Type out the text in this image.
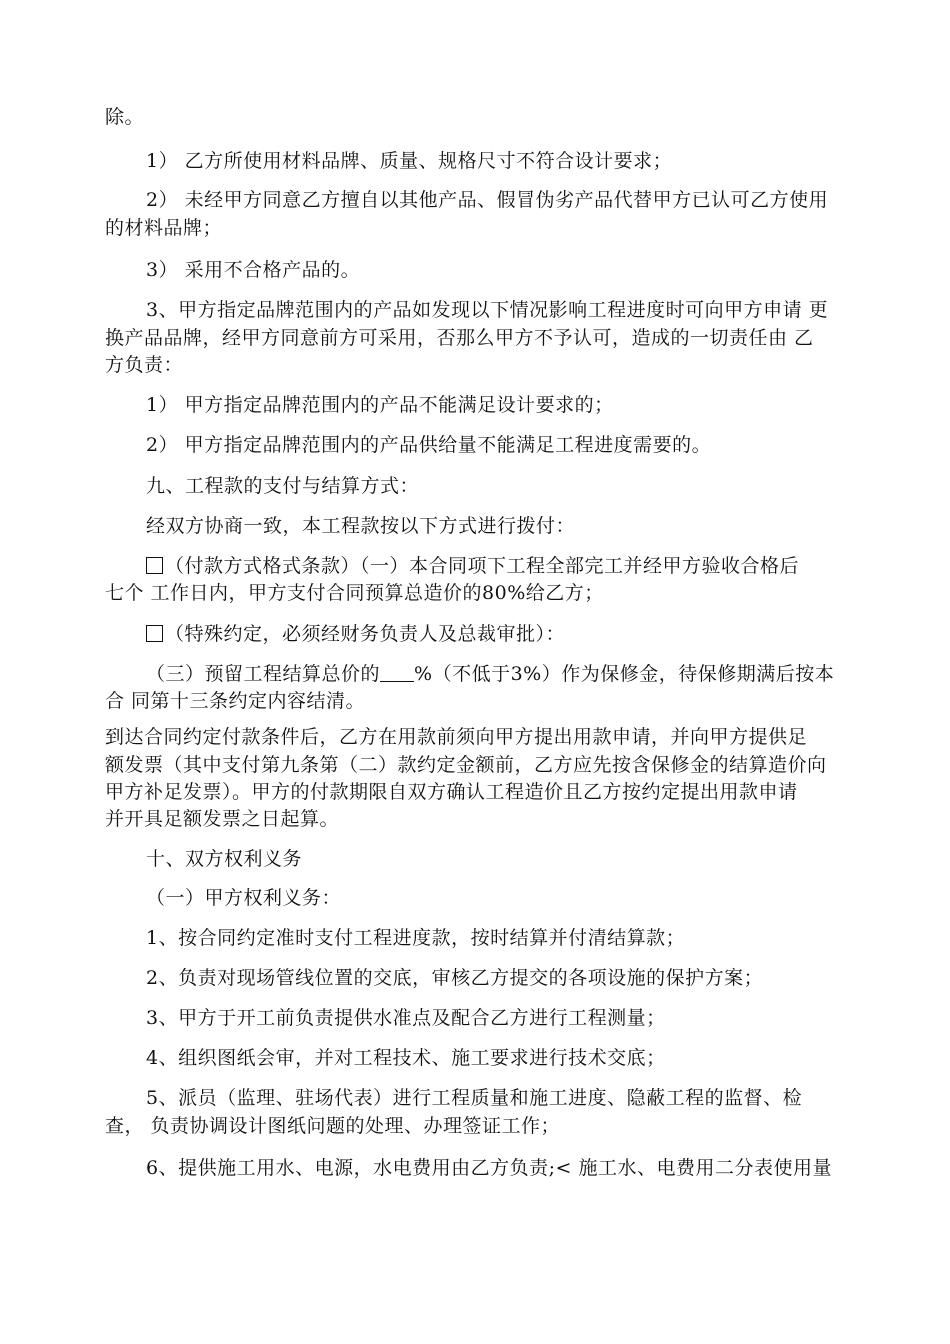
除。
1） 乙方所使用材料品牌、质量、规格尺寸不符合设计要求；
2） 未经甲方同意乙方擅自以其他产品、假冒伪劣产品代替甲方已认可乙方使用
的材料品牌；
3） 采用不合格产品的。
3、甲方指定品牌范围内的产品如发现以下情况影响工程进度时可向甲方申请 更
换产品品牌，经甲方同意前方可采用，否那么甲方不予认可，造成的一切责任由 乙
方负责：
1） 甲方指定品牌范围内的产品不能满足设计要求的；
2） 甲方指定品牌范围内的产品供给量不能满足工程进度需要的。
九、工程款的支付与结算方式：
经双方协商一致，本工程款按以下方式进行拨付：
（付款方式格式条款）（一）本合同项下工程全部完工并经甲方验收合格后
七个 工作日内，甲方支付合同预算总造价的80%给乙方；
（特殊约定，必须经财务负责人及总裁审批）：
（三）预留工程结算总价的 %（不低于3%）作为保修金，待保修期满后按本
合 同第十三条约定内容结清。
到达合同约定付款条件后，乙方在用款前须向甲方提出用款申请，并向甲方提供足
额发票（其中支付第九条第（二）款约定金额前，乙方应先按含保修金的结算造价向
甲方补足发票）。甲方的付款期限自双方确认工程造价且乙方按约定提出用款申请
并开具足额发票之日起算。
十、双方权利义务
（一）甲方权利义务：
1、按合同约定准时支付工程进度款，按时结算并付清结算款；
2、负责对现场管线位置的交底，审核乙方提交的各项设施的保护方案；
3、甲方于开工前负责提供水准点及配合乙方进行工程测量；
4、组织图纸会审，并对工程技术、施工要求进行技术交底；
5、派员（监理、驻场代表）进行工程质量和施工进度、隐蔽工程的监督、检
查， 负责协调设计图纸问题的处理、办理签证工作；
6、提供施工用水、电源，水电费用由乙方负责;< 施工水、电费用二分表使用量
